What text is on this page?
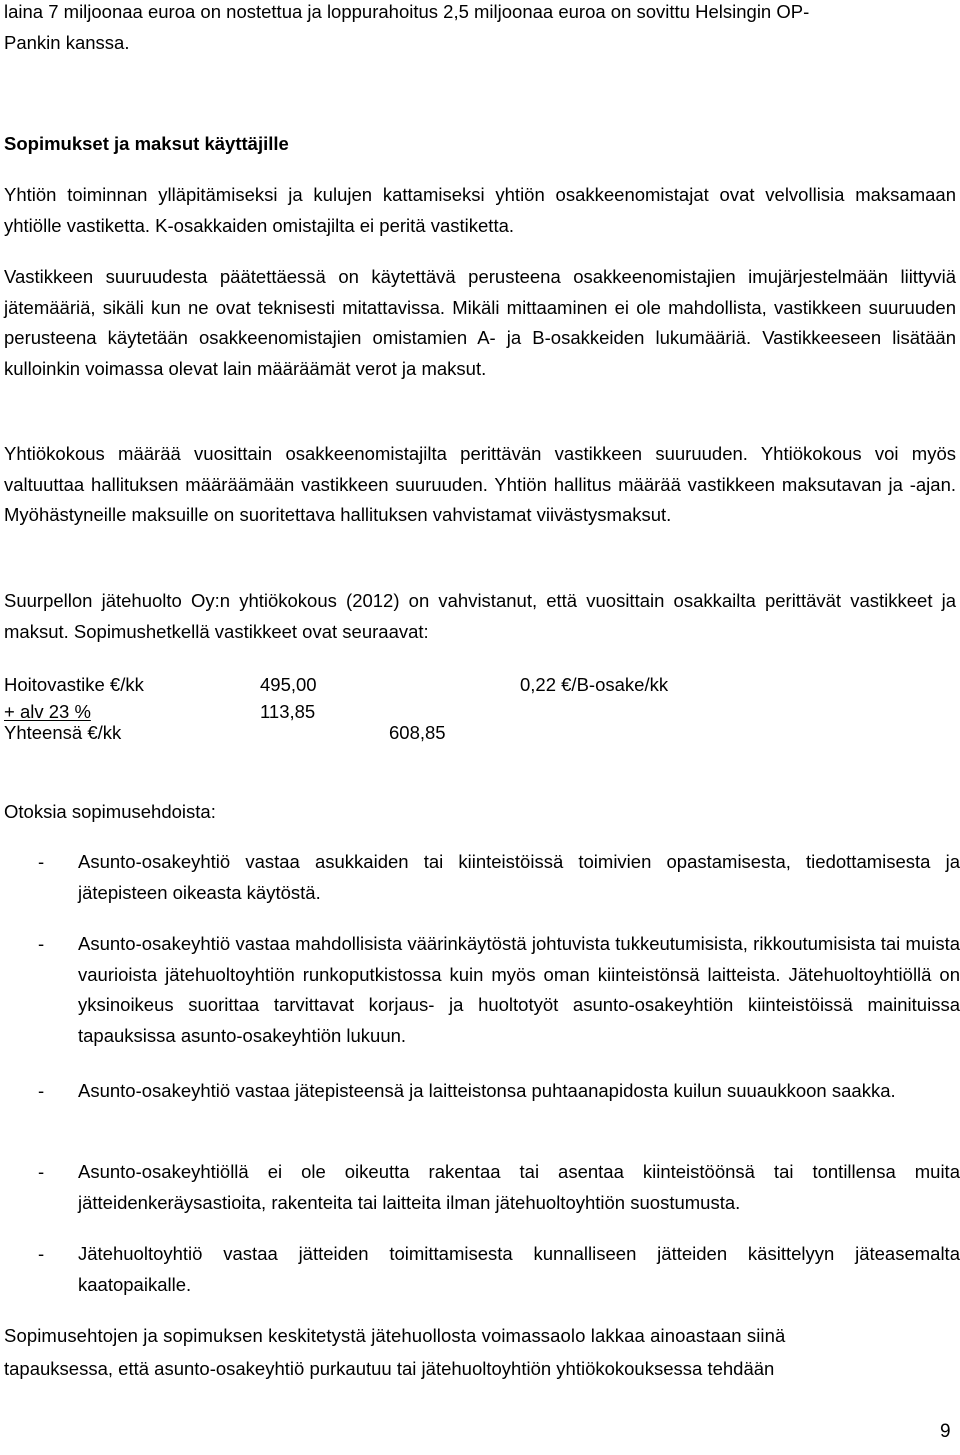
laina 7 miljoonaa euroa on nostettua ja loppurahoitus 2,5 miljoonaa euroa on sovittu Helsingin OP-
Pankin kanssa.
Sopimukset ja maksut käyttäjille

Yhtiön toiminnan ylläpitämiseksi ja kulujen kattamiseksi yhtiön osakkeenomistajat ovat velvollisia maksamaan yhtiölle vastiketta. K-osakkaiden omistajilta ei peritä vastiketta.

Vastikkeen suuruudesta päätettäessä on käytettävä perusteena osakkeenomistajien imujärjestelmään liittyviä jätemääriä, sikäli kun ne ovat teknisesti mitattavissa. Mikäli mittaaminen ei ole mahdollista, vastikkeen suuruuden perusteena käytetään osakkeenomistajien omistamien A- ja B-osakkeiden lukumääriä. Vastikkeeseen lisätään kulloinkin voimassa olevat lain määräämät verot ja maksut.

Yhtiökokous määrää vuosittain osakkeenomistajilta perittävän vastikkeen suuruuden. Yhtiökokous voi myös valtuuttaa hallituksen määräämään vastikkeen suuruuden. Yhtiön hallitus määrää vastikkeen maksutavan ja -ajan. Myöhästyneille maksuille on suoritettava hallituksen vahvistamat viivästysmaksut.

Suurpellon jätehuolto Oy:n yhtiökokous (2012) on vahvistanut, että vuosittain osakkailta perittävät vastikkeet ja maksut. Sopimushetkellä vastikkeet ovat seuraavat:

Hoitovastike €/kk	495,00	0,22 €/B-osake/kk
+ alv 23 %	113,85
Yhteensä €/kk	608,85
Otoksia sopimusehdoista:
- Asunto-osakeyhtiö vastaa asukkaiden tai kiinteistöissä toimivien opastamisesta, tiedottamisesta ja jätepisteen oikeasta käytöstä.
- Asunto-osakeyhtiö vastaa mahdollisista väärinkäytöstä johtuvista tukkeutumisista, rikkoutumisista tai muista vaurioista jätehuoltoyhtiön runkoputkistossa kuin myös oman kiinteistönsä laitteista. Jätehuoltoyhtiöllä on yksinoikeus suorittaa tarvittavat korjaus- ja huoltotyöt asunto-osakeyhtiön kiinteistöissä mainituissa tapauksissa asunto-osakeyhtiön lukuun.
- Asunto-osakeyhtiö vastaa jätepisteensä ja laitteistonsa puhtaanapidosta kuilun suuaukkoon saakka.
- Asunto-osakeyhtiöllä ei ole oikeutta rakentaa tai asentaa kiinteistöönsä tai tontillensa muita jätteidenkeräysastioita, rakenteita tai laitteita ilman jätehuoltoyhtiön suostumusta.
- Jätehuoltoyhtiö vastaa jätteiden toimittamisesta kunnalliseen jätteiden käsittelyyn jäteasemalta kaatopaikalle.
Sopimusehtojen ja sopimuksen keskitetystä jätehuollosta voimassaolo lakkaa ainoastaan siinä
tapauksessa, että asunto-osakeyhtiö purkautuu tai jätehuoltoyhtiön yhtiökokouksessa tehdään
9
